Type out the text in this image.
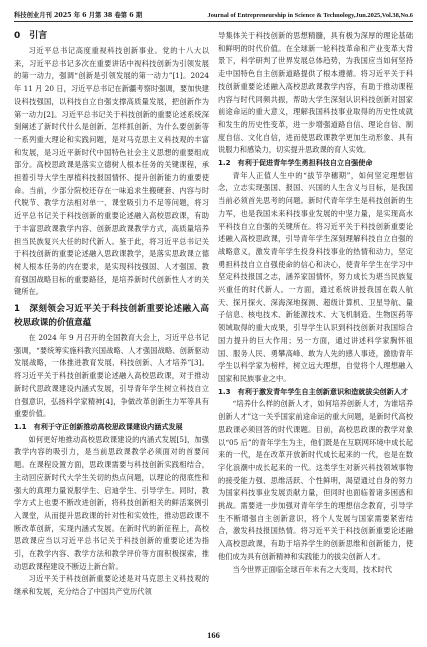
科技创业月刊 2025 年 6 月第 38 卷第 6 期	Journal of Entrepreneurship in Science & Technology,Jun.2025,Vol.38,No.6
0　引言

习近平总书记高度重视科技创新事业。党的十八大以来，习近平总书记多次在重要讲话中视科技创新为引领发展的第一动力，强调“创新是引领发展的第一动力”[1]。2024 年 11 月 20 日，习近平总书记在新疆考察时强调，要加快建设科技强国，以科技自立自强支撑高质量发展，把创新作为第一动力[2]。习近平总书记关于科技创新的重要论述系统深刻阐述了新时代什么是创新、怎样抓创新、为什么要创新等一系列重大理论和实践问题，是对马克思主义科技观的丰富和发展，是习近平新时代中国特色社会主义思想的重要组成部分。高校思政课是落实立德树人根本任务的关键课程，承担着引导大学生厚植科技报国情怀、提升创新能力的重要使命。当前，少部分院校还存在一味追求生搬硬套、内容与时代脱节、教学方法相对单一、课堂吸引力不足等问题，将习近平总书记关于科技创新的重要论述融入高校思政课，有助于丰富思政课教学内容、创新思政课教学方式，高质量培养担当民族复兴大任的时代新人。鉴于此，将习近平总书记关于科技创新的重要论述融入思政课教学，是落实思政课立德树人根本任务的内在要求，是实现科技强国、人才强国、教育强国战略目标的重要路径，是培养新时代创新性人才的关键所在。

1　深刻领会习近平关于科技创新重要论述融入高校思政课的价值意蕴

在 2024 年 9 月召开的全国教育大会上，习近平总书记强调，“要统筹实施科教兴国战略、人才强国战略、创新驱动发展战略，一体推进教育发展、科技创新、人才培养”[3]。将习近平关于科技创新重要论述融入高校思政课，对于推动新时代思政课建设内涵式发展，引导青年学生树立科技自立自强意识，弘扬科学家精神[4]，争做改革创新生力军等具有重要价值。

1.1　有利于守正创新推动高校思政课建设内涵式发展

如何更好地推动高校思政课建设的内涵式发展[5]，加强教学内容的吸引力，是当前思政课教学必须面对的首要问题。在课程设置方面，思政课需要与科技创新实践相结合，主动回应新时代大学生关切的热点问题，以理论的彻底性和强大的真理力量说服学生、启迪学生、引导学生。同时，教学方式上也要不断改进创新，将科技创新相关的鲜活案例引入课堂，从而提升思政课的针对性和实效性，推动思政课不断改革创新，实现内涵式发展。在新时代的新征程上，高校思政课应当以习近平总书记关于科技创新的重要论述为指引，在教学内容、教学方法和教学评价等方面积极探索，推动思政课程建设不断迈上新台阶。

习近平关于科技创新重要论述是对马克思主义科技观的继承和发展，充分结合了中国共产党历代领

导集体关于科技创新的思想精髓，具有极为深厚的理论基础和鲜明的时代价值。在全球新一轮科技革命和产业变革大背景下，科学研判了世界发展总体趋势，为我国应当如何坚持走中国特色自主创新道路提供了根本遵循。将习近平关于科技创新重要论述融入高校思政课教学内容，有助于推动课程内容与时代同频共振，帮助大学生深刻认识科技创新对国家前途命运的重大意义，理解我国科技事业取得的历史性成就和发生的历史性变革，进一步增强道路自信、理论自信、制度自信、文化自信，进而使思政课教学更加生动形象、具有说服力和感染力，切实提升思政课的育人实效。

1.2　有利于促进青年学生勇担科技自立自强使命

青年人正值人生中的“拔节孕穗期”，如何坚定理想信念，立志实现强国、报国、兴国的人生含义与目标，是我国当前必须首先思考的问题。新时代青年学生是科技创新的生力军，也是我国未来科技事业发展的中坚力量，是实现高水平科技自立自强的关键所在。将习近平关于科技创新重要论述融入高校思政课，引导青年学生深刻理解科技自立自强的战略意义，激发青年学生投身科技事业的热情和动力，坚定勇担科技自立自强使命的信心和决心，使青年学生在学习中坚定科技报国之志，涵养家国情怀，努力成长为堪当民族复兴重任的时代新人。一方面，通过系统讲授我国在载人航天、探月探火、深海深地探测、超级计算机、卫星导航、量子信息、核电技术、新能源技术、大飞机制造、生物医药等领域取得的重大成果，引导学生认识到科技创新对我国综合国力提升的巨大作用；另一方面，通过讲述科学家胸怀祖国、服务人民、勇攀高峰、敢为人先的感人事迹，激励青年学生以科学家为榜样，树立远大理想，自觉将个人理想融入国家和民族事业之中。

1.3　有利于激发青年学生自主创新意识和造就拔尖创新人才

“培养什么样的创新人才，如何培养创新人才，为谁培养创新人才”这一关乎国家前途命运的重大问题，是新时代高校思政课必须回答的时代课题。目前，高校思政课的教学对象以“05 后”的青年学生为主，他们既是在互联网环境中成长起来的一代，是在改革开放新时代成长起来的一代，也是在数字化浪潮中成长起来的一代。这类学生对新兴科技领域事物的接受能力强、思维活跃、个性鲜明，渴望通过自身的努力为国家科技事业发展贡献力量，但同时也面临着诸多困惑和挑战。需要进一步加强对青年学生的理想信念教育，引导学生不断增强自主创新意识，将个人发展与国家需要紧密结合，激发科技报国热情。将习近平关于科技创新重要论述融入高校思政课，有助于培养学生的创新思维和创新能力，使他们成为具有创新精神和实践能力的拔尖创新人才。

当今世界正面临全球百年未有之大变局，技术时代

166
